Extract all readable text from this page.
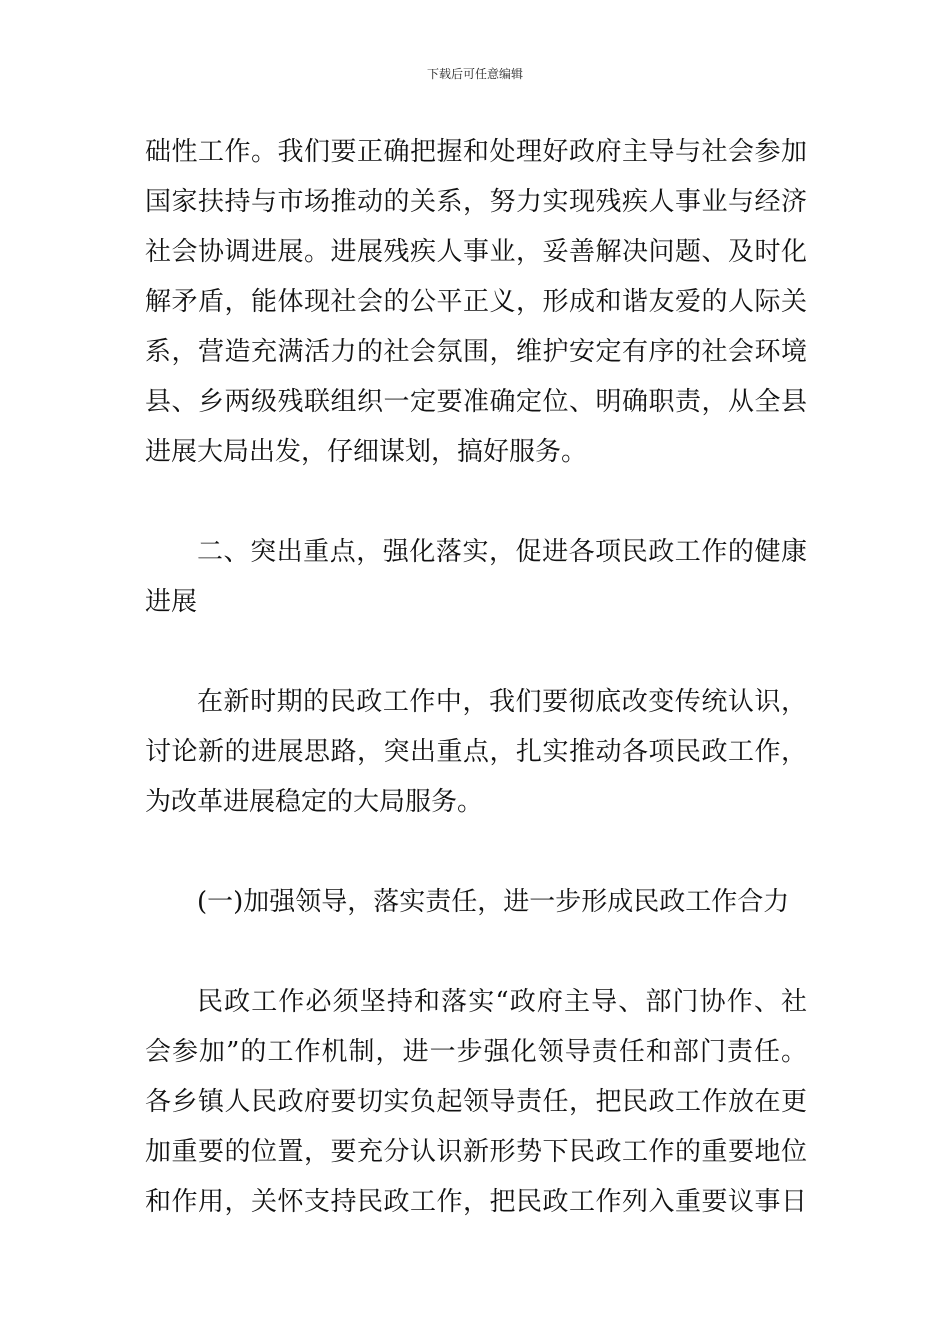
下载后可任意编辑
础性工作。我们要正确把握和处理好政府主导与社会参加
国家扶持与市场推动的关系，努力实现残疾人事业与经济
社会协调进展。进展残疾人事业，妥善解决问题、及时化
解矛盾，能体现社会的公平正义，形成和谐友爱的人际关
系，营造充满活力的社会氛围，维护安定有序的社会环境
县、乡两级残联组织一定要准确定位、明确职责，从全县
进展大局出发，仔细谋划，搞好服务。
二、突出重点，强化落实，促进各项民政工作的健康
进展
在新时期的民政工作中，我们要彻底改变传统认识，
讨论新的进展思路，突出重点，扎实推动各项民政工作，
为改革进展稳定的大局服务。
(一)加强领导，落实责任，进一步形成民政工作合力
民政工作必须坚持和落实“政府主导、部门协作、社
会参加”的工作机制，进一步强化领导责任和部门责任。
各乡镇人民政府要切实负起领导责任，把民政工作放在更
加重要的位置，要充分认识新形势下民政工作的重要地位
和作用，关怀支持民政工作，把民政工作列入重要议事日
